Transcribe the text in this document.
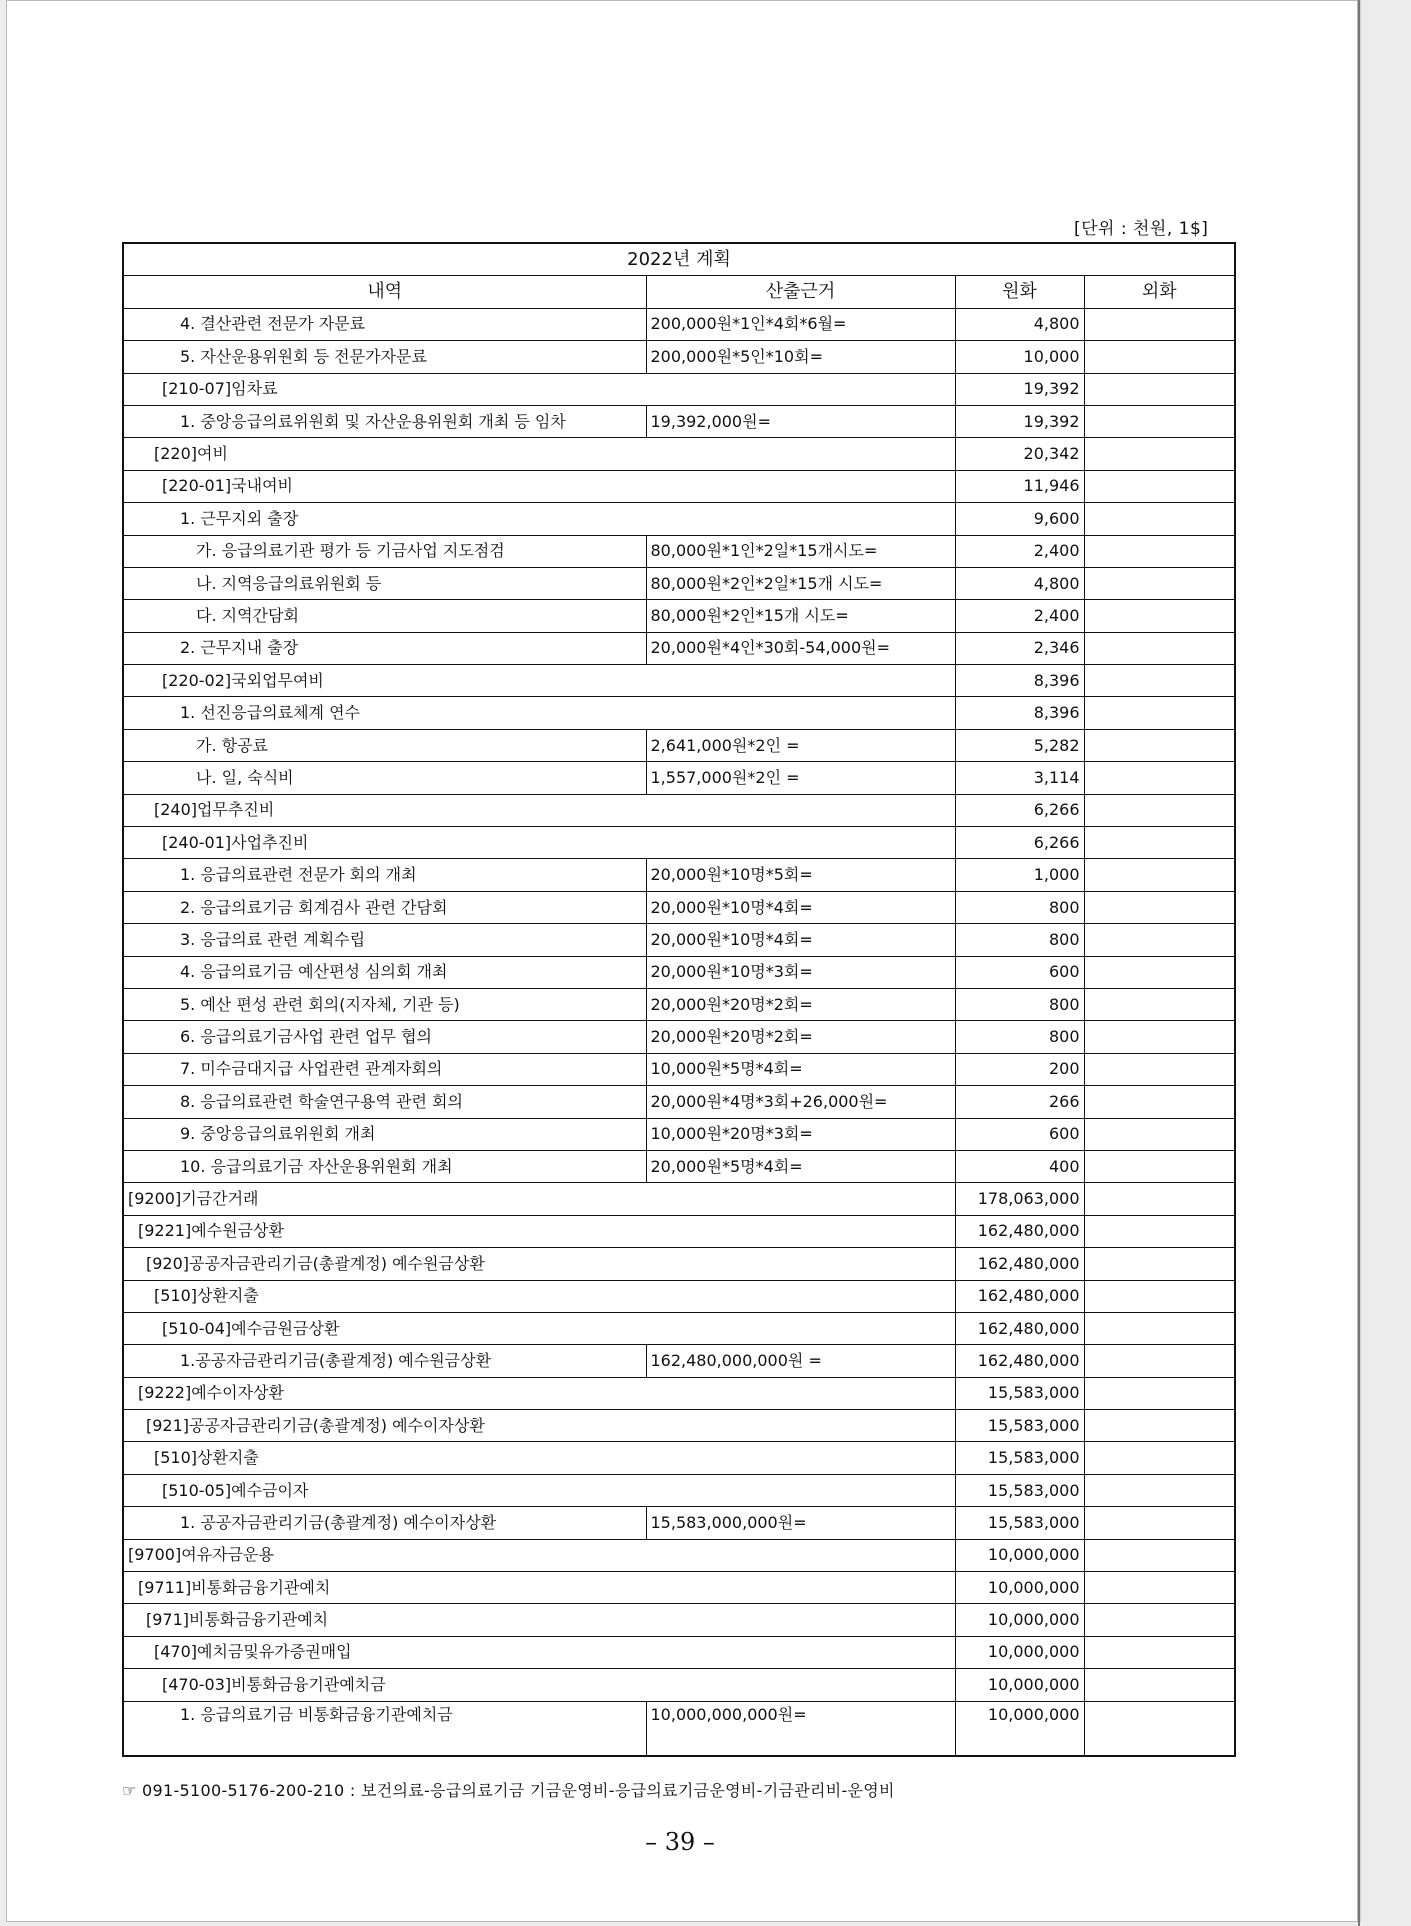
[단위 : 천원, 1$]
2022년 계획			
내역	산출근거	원화	외화
4. 결산관련 전문가 자문료	200,000원*1인*4회*6월=	4,800	
5. 자산운용위원회 등 전문가자문료	200,000원*5인*10회=	10,000	
[210-07]임차료		19,392	
1. 중앙응급의료위원회 및 자산운용위원회 개최 등 임차	19,392,000원=	19,392	
[220]여비		20,342	
[220-01]국내여비		11,946	
1. 근무지외 출장		9,600	
가. 응급의료기관 평가 등 기금사업 지도점검	80,000원*1인*2일*15개시도=	2,400	
나. 지역응급의료위원회 등	80,000원*2인*2일*15개 시도=	4,800	
다. 지역간담회	80,000원*2인*15개 시도=	2,400	
2. 근무지내 출장	20,000원*4인*30회-54,000원=	2,346	
[220-02]국외업무여비		8,396	
1. 선진응급의료체계 연수		8,396	
가. 항공료	2,641,000원*2인 =	5,282	
나. 일, 숙식비	1,557,000원*2인 =	3,114	
[240]업무추진비		6,266	
[240-01]사업추진비		6,266	
1. 응급의료관련 전문가 회의 개최	20,000원*10명*5회=	1,000	
2. 응급의료기금 회계검사 관련 간담회	20,000원*10명*4회=	800	
3. 응급의료 관련 계획수립	20,000원*10명*4회=	800	
4. 응급의료기금 예산편성 심의회 개최	20,000원*10명*3회=	600	
5. 예산 편성 관련 회의(지자체, 기관 등)	20,000원*20명*2회=	800	
6. 응급의료기금사업 관련 업무 협의	20,000원*20명*2회=	800	
7. 미수금대지급 사업관련 관계자회의	10,000원*5명*4회=	200	
8. 응급의료관련 학술연구용역 관련 회의	20,000원*4명*3회+26,000원=	266	
9. 중앙응급의료위원회 개최	10,000원*20명*3회=	600	
10. 응급의료기금 자산운용위원회 개최	20,000원*5명*4회=	400	
[9200]기금간거래		178,063,000	
[9221]예수원금상환		162,480,000	
[920]공공자금관리기금(총괄계정) 예수원금상환		162,480,000	
[510]상환지출		162,480,000	
[510-04]예수금원금상환		162,480,000	
1.공공자금관리기금(총괄계정) 예수원금상환	162,480,000,000원 =	162,480,000	
[9222]예수이자상환		15,583,000	
[921]공공자금관리기금(총괄계정) 예수이자상환		15,583,000	
[510]상환지출		15,583,000	
[510-05]예수금이자		15,583,000	
1. 공공자금관리기금(총괄계정) 예수이자상환	15,583,000,000원=	15,583,000	
[9700]여유자금운용		10,000,000	
[9711]비통화금융기관예치		10,000,000	
[971]비통화금융기관예치		10,000,000	
[470]예치금및유가증권매입		10,000,000	
[470-03]비통화금융기관예치금		10,000,000	
1. 응급의료기금 비통화금융기관예치금	10,000,000,000원=	10,000,000	
☞ 091-5100-5176-200-210 : 보건의료-응급의료기금 기금운영비-응급의료기금운영비-기금관리비-운영비
– 39 –
